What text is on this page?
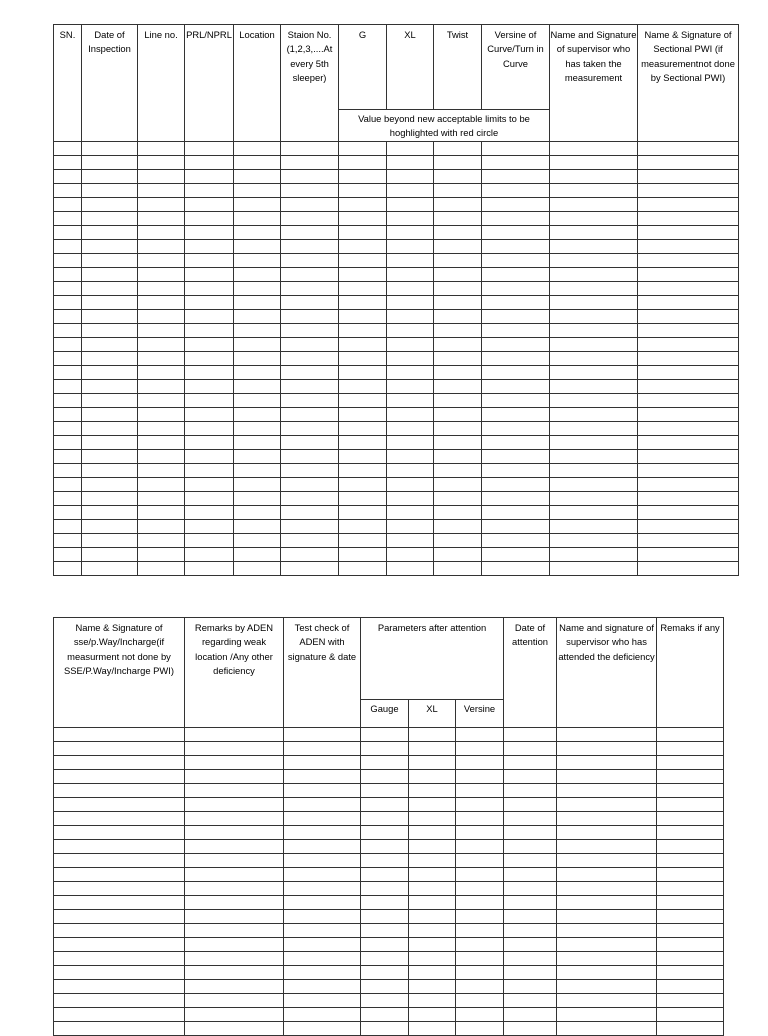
SN.	Date of Inspection	Line no.	PRL/NPRL	Location	Staion No. (1,2,3,....At every 5th sleeper)	G	XL	Twist	Versine of Curve/Turn in Curve	Name and Signature of supervisor who has taken the measurement	Name & Signature of Sectional PWI (if measurementnot done by Sectional PWI)
						Value beyond new acceptable limits to be hoghlighted with red circle					

Name & Signature of sse/p.Way/Incharge(if measurment not done by SSE/P.Way/Incharge PWI)	Remarks by ADEN regarding weak location /Any other deficiency	Test check of ADEN with signature & date	Parameters after attention			Date of attention	Name and signature of supervisor who has attended the deficiency	Remaks if any
			Gauge	XL	Versine			
